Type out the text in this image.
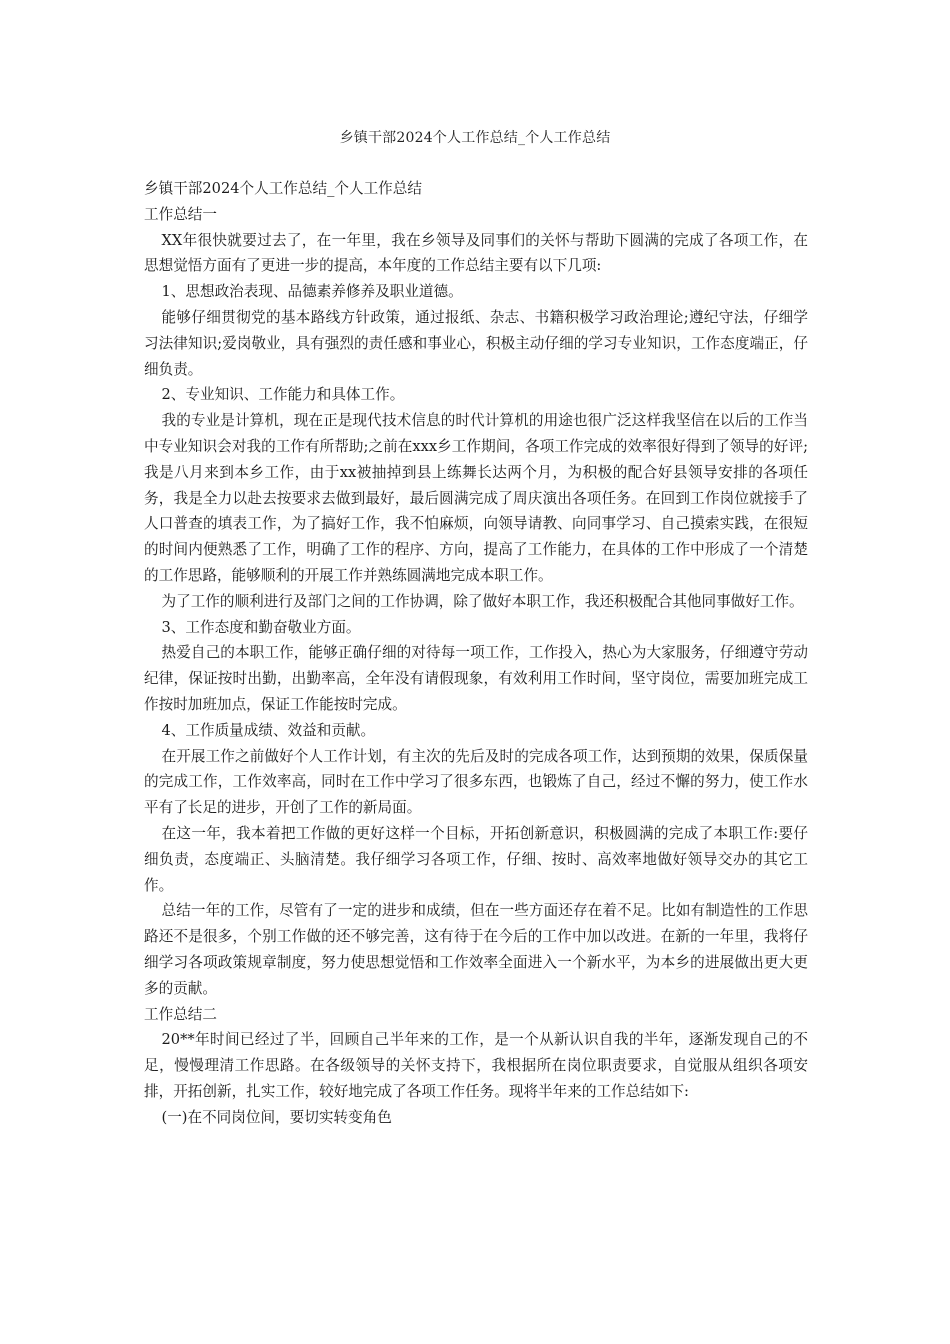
乡镇干部2024个人工作总结_个人工作总结

乡镇干部2024个人工作总结_个人工作总结

工作总结一

XX年很快就要过去了，在一年里，我在乡领导及同事们的关怀与帮助下圆满的完成了各项工作，在思想觉悟方面有了更进一步的提高，本年度的工作总结主要有以下几项:

1、思想政治表现、品德素养修养及职业道德。

能够仔细贯彻党的基本路线方针政策，通过报纸、杂志、书籍积极学习政治理论;遵纪守法，仔细学习法律知识;爱岗敬业，具有强烈的责任感和事业心，积极主动仔细的学习专业知识，工作态度端正，仔细负责。

2、专业知识、工作能力和具体工作。

我的专业是计算机，现在正是现代技术信息的时代计算机的用途也很广泛这样我坚信在以后的工作当中专业知识会对我的工作有所帮助;之前在xxx乡工作期间，各项工作完成的效率很好得到了领导的好评;我是八月来到本乡工作，由于xx被抽掉到县上练舞长达两个月，为积极的配合好县领导安排的各项任务，我是全力以赴去按要求去做到最好，最后圆满完成了周庆演出各项任务。在回到工作岗位就接手了人口普查的填表工作，为了搞好工作，我不怕麻烦，向领导请教、向同事学习、自己摸索实践，在很短的时间内便熟悉了工作，明确了工作的程序、方向，提高了工作能力，在具体的工作中形成了一个清楚的工作思路，能够顺利的开展工作并熟练圆满地完成本职工作。

为了工作的顺利进行及部门之间的工作协调，除了做好本职工作，我还积极配合其他同事做好工作。

3、工作态度和勤奋敬业方面。

热爱自己的本职工作，能够正确仔细的对待每一项工作，工作投入，热心为大家服务，仔细遵守劳动纪律，保证按时出勤，出勤率高，全年没有请假现象，有效利用工作时间，坚守岗位，需要加班完成工作按时加班加点，保证工作能按时完成。

4、工作质量成绩、效益和贡献。

在开展工作之前做好个人工作计划，有主次的先后及时的完成各项工作，达到预期的效果，保质保量的完成工作，工作效率高，同时在工作中学习了很多东西，也锻炼了自己，经过不懈的努力，使工作水平有了长足的进步，开创了工作的新局面。

在这一年，我本着把工作做的更好这样一个目标，开拓创新意识，积极圆满的完成了本职工作:要仔细负责，态度端正、头脑清楚。我仔细学习各项工作，仔细、按时、高效率地做好领导交办的其它工作。

总结一年的工作，尽管有了一定的进步和成绩，但在一些方面还存在着不足。比如有制造性的工作思路还不是很多，个别工作做的还不够完善，这有待于在今后的工作中加以改进。在新的一年里，我将仔细学习各项政策规章制度，努力使思想觉悟和工作效率全面进入一个新水平，为本乡的进展做出更大更多的贡献。

工作总结二

20**年时间已经过了半，回顾自己半年来的工作，是一个从新认识自我的半年，逐渐发现自己的不足，慢慢理清工作思路。在各级领导的关怀支持下，我根据所在岗位职责要求，自觉服从组织各项安排，开拓创新，扎实工作，较好地完成了各项工作任务。现将半年来的工作总结如下:

(一)在不同岗位间，要切实转变角色
